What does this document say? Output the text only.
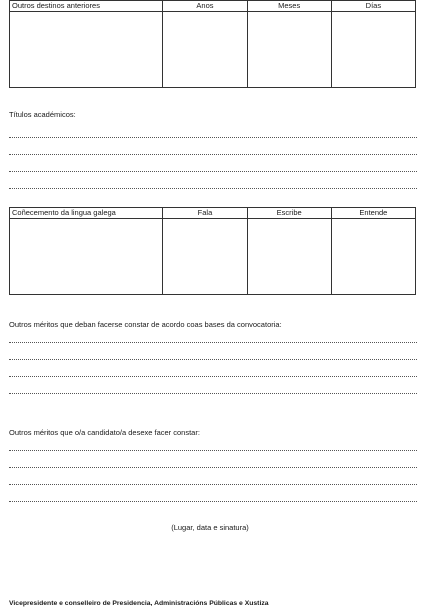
Outros destinos anteriores	Anos	Meses	Días

Títulos académicos:
Coñecemento da lingua galega	Fala	Escribe	Entende

Outros méritos que deban facerse constar de acordo coas bases da convocatoria:
Outros méritos que o/a candidato/a desexe facer constar:
(Lugar, data e sinatura)
Vicepresidente e conselleiro de Presidencia, Administracións Públicas e Xustiza
